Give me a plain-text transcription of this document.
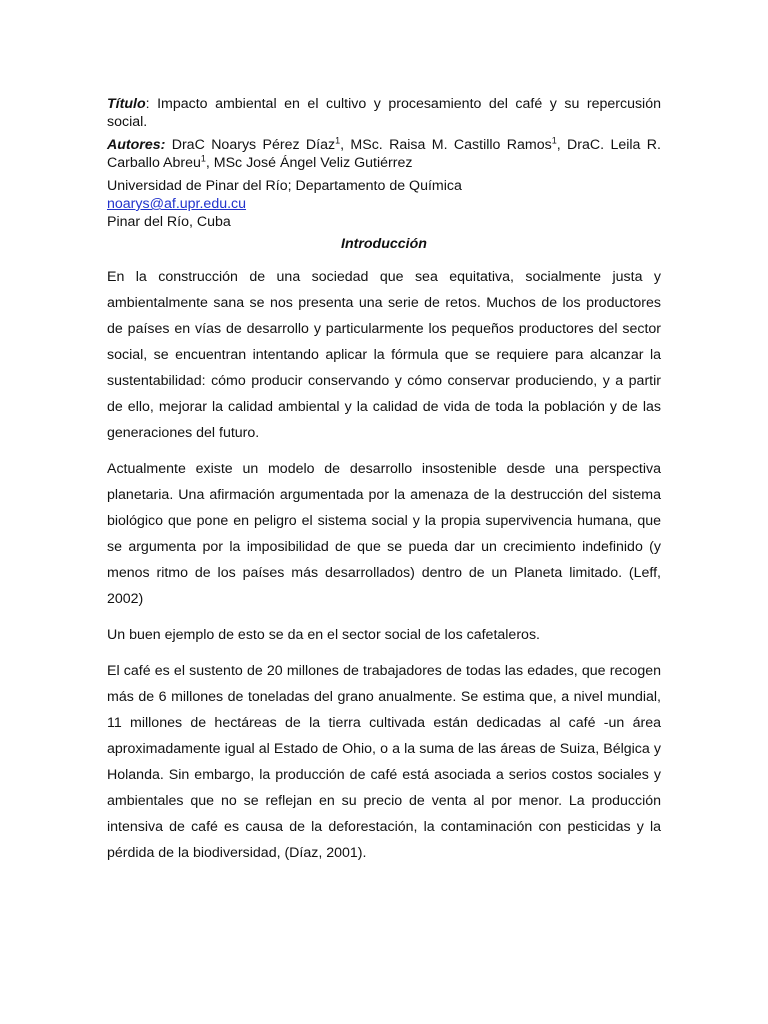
Título: Impacto ambiental en el cultivo y procesamiento del café y su repercusión social.

Autores: DraC Noarys Pérez Díaz$^1$, MSc. Raisa M. Castillo Ramos$^1$, DraC. Leila R. Carballo Abreu$^1$, MSc José Ángel Veliz Gutiérrez

Universidad de Pinar del Río; Departamento de Química

noarys@af.upr.edu.cu

Pinar del Río, Cuba

Introducción

En la construcción de una sociedad que sea equitativa, socialmente justa y ambientalmente sana se nos presenta una serie de retos. Muchos de los productores de países en vías de desarrollo y particularmente los pequeños productores del sector social, se encuentran intentando aplicar la fórmula que se requiere para alcanzar la sustentabilidad: cómo producir conservando y cómo conservar produciendo, y a partir de ello, mejorar la calidad ambiental y la calidad de vida de toda la población y de las generaciones del futuro.

Actualmente existe un modelo de desarrollo insostenible desde una perspectiva planetaria. Una afirmación argumentada por la amenaza de la destrucción del sistema biológico que pone en peligro el sistema social y la propia supervivencia humana, que se argumenta por la imposibilidad de que se pueda dar un crecimiento indefinido (y menos ritmo de los países más desarrollados) dentro de un Planeta limitado. (Leff, 2002)

Un buen ejemplo de esto se da en el sector social de los cafetaleros.

El café es el sustento de 20 millones de trabajadores de todas las edades, que recogen más de 6 millones de toneladas del grano anualmente. Se estima que, a nivel mundial, 11 millones de hectáreas de la tierra cultivada están dedicadas al café -un área aproximadamente igual al Estado de Ohio, o a la suma de las áreas de Suiza, Bélgica y Holanda. Sin embargo, la producción de café está asociada a serios costos sociales y ambientales que no se reflejan en su precio de venta al por menor. La producción intensiva de café es causa de la deforestación, la contaminación con pesticidas y la pérdida de la biodiversidad, (Díaz, 2001).
